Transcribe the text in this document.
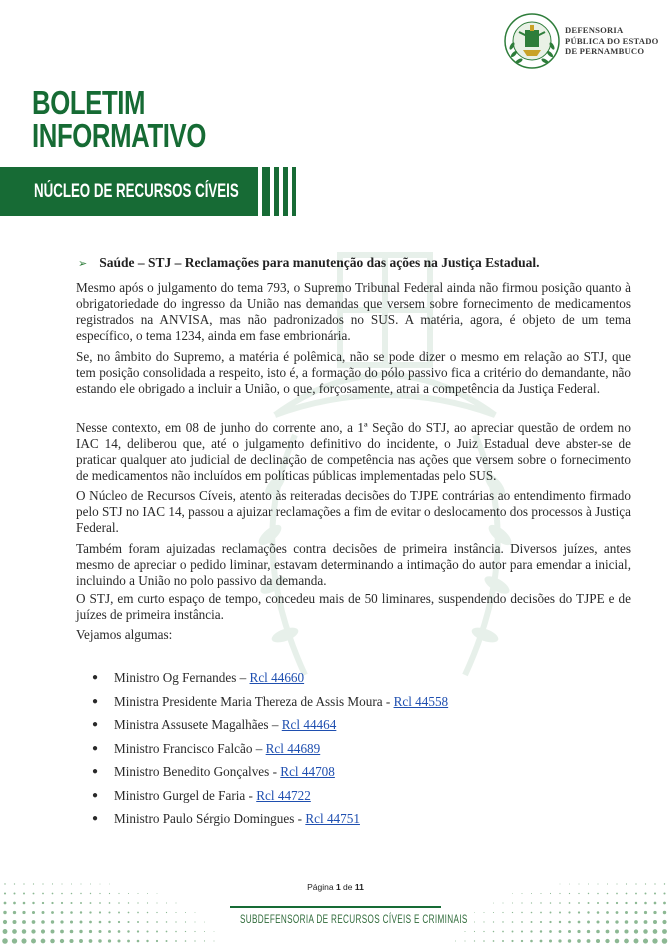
DEFENSORIA
PÚBLICA DO ESTADO
DE PERNAMBUCO
BOLETIM
INFORMATIVO
NÚCLEO DE RECURSOS CÍVEIS
➢ Saúde – STJ – Reclamações para manutenção das ações na Justiça Estadual.

Mesmo após o julgamento do tema 793, o Supremo Tribunal Federal ainda não firmou posição quanto à obrigatoriedade do ingresso da União nas demandas que versem sobre fornecimento de medicamentos registrados na ANVISA, mas não padronizados no SUS. A matéria, agora, é objeto de um tema específico, o tema 1234, ainda em fase embrionária.

Se, no âmbito do Supremo, a matéria é polêmica, não se pode dizer o mesmo em relação ao STJ, que tem posição consolidada a respeito, isto é, a formação do pólo passivo fica a critério do demandante, não estando ele obrigado a incluir a União, o que, forçosamente, atrai a competência da Justiça Federal.

Nesse contexto, em 08 de junho do corrente ano, a 1ª Seção do STJ, ao apreciar questão de ordem no IAC 14, deliberou que, até o julgamento definitivo do incidente, o Juiz Estadual deve abster-se de praticar qualquer ato judicial de declinação de competência nas ações que versem sobre o fornecimento de medicamentos não incluídos em políticas públicas implementadas pelo SUS.

O Núcleo de Recursos Cíveis, atento às reiteradas decisões do TJPE contrárias ao entendimento firmado pelo STJ no IAC 14, passou a ajuizar reclamações a fim de evitar o deslocamento dos processos à Justiça Federal.

Também foram ajuizadas reclamações contra decisões de primeira instância. Diversos juízes, antes mesmo de apreciar o pedido liminar, estavam determinando a intimação do autor para emendar a inicial, incluindo a União no polo passivo da demanda.

O STJ, em curto espaço de tempo, concedeu mais de 50 liminares, suspendendo decisões do TJPE e de juízes de primeira instância.

Vejamos algumas:

● Ministro Og Fernandes – Rcl 44660
● Ministra Presidente Maria Thereza de Assis Moura - Rcl 44558
● Ministra Assusete Magalhães – Rcl 44464
● Ministro Francisco Falcão – Rcl 44689
● Ministro Benedito Gonçalves - Rcl 44708
● Ministro Gurgel de Faria - Rcl 44722
● Ministro Paulo Sérgio Domingues - Rcl 44751
Página 1 de 11
SUBDEFENSORIA DE RECURSOS CÍVEIS E CRIMINAIS
